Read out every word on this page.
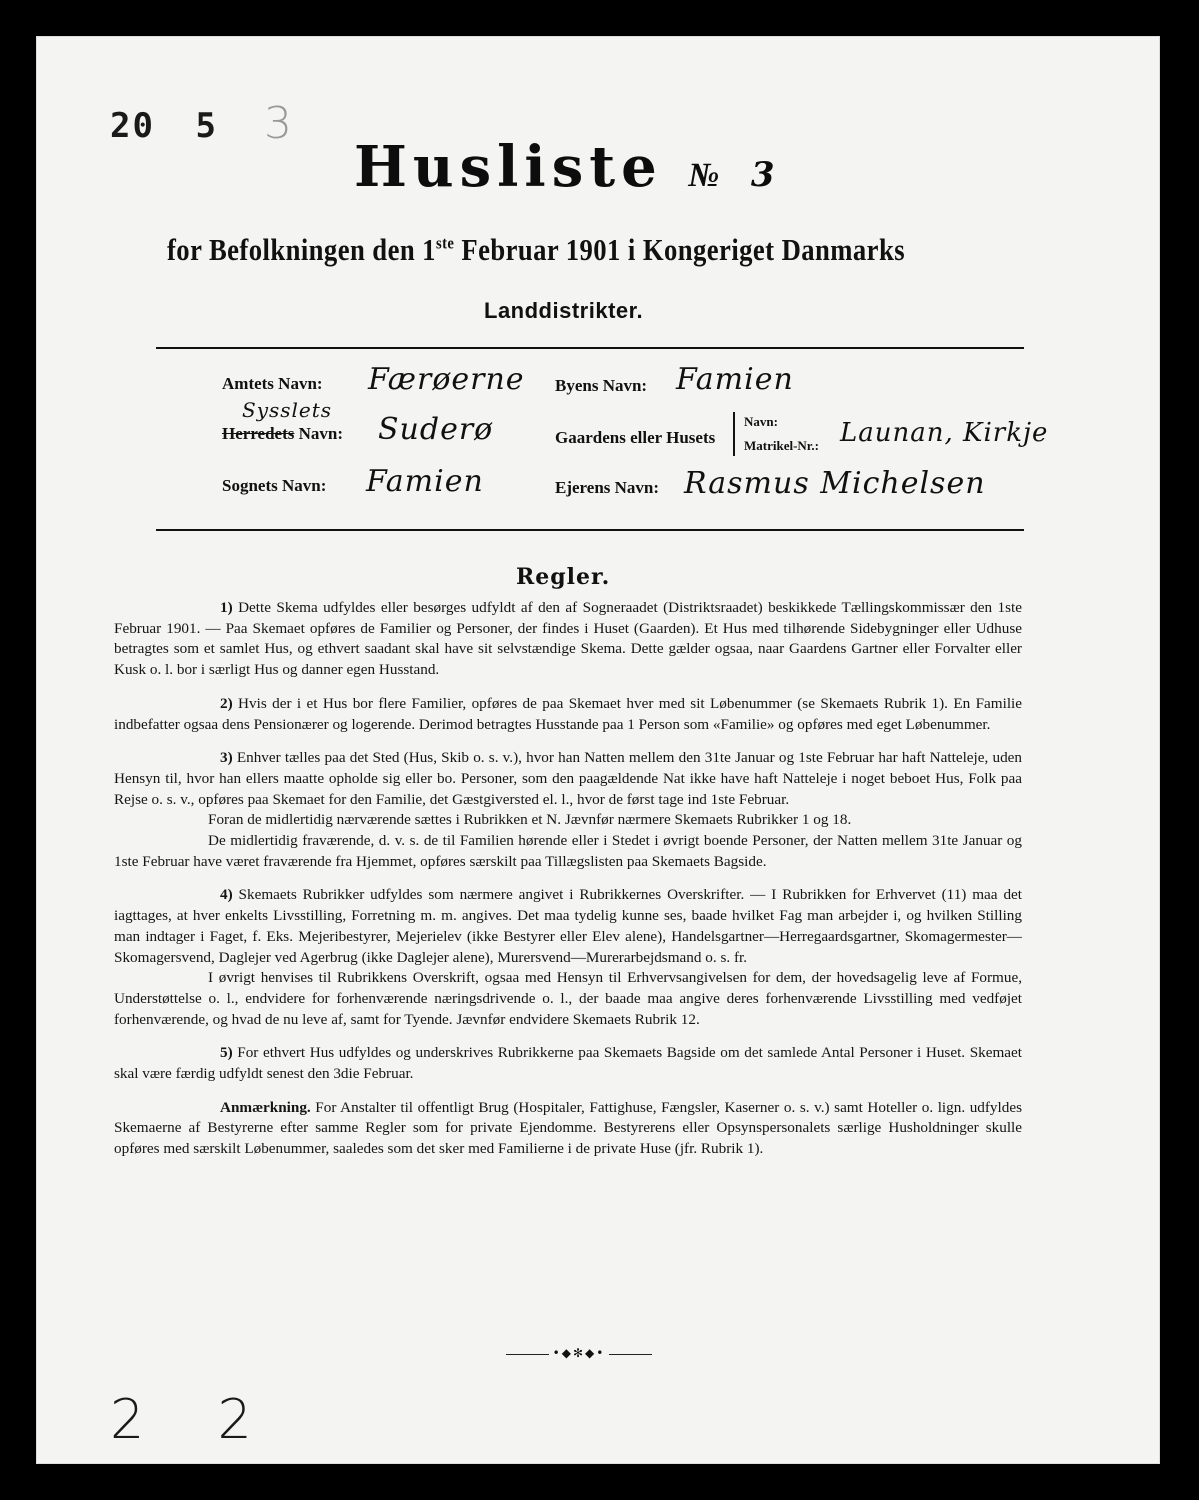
20 5 3
Husliste № 3
for Befolkningen den 1ste Februar 1901 i Kongeriget Danmarks
Landdistrikter.
Amtets Navn: Færøerne
Sysslets
Herredets Navn: Suderø
Sognets Navn: Famien
Byens Navn: Famien
Gaardens eller Husets
Navn:
Matrikel-Nr.: Launan, Kirkje
Ejerens Navn: Rasmus Michelsen
Regler.

1) Dette Skema udfyldes eller besørges udfyldt af den af Sogneraadet (Distriktsraadet) beskikkede Tællingskommissær den 1ste Februar 1901. — Paa Skemaet opføres de Familier og Personer, der findes i Huset (Gaarden). Et Hus med tilhørende Sidebygninger eller Udhuse betragtes som et samlet Hus, og ethvert saadant skal have sit selvstændige Skema. Dette gælder ogsaa, naar Gaardens Gartner eller Forvalter eller Kusk o. l. bor i særligt Hus og danner egen Husstand.

2) Hvis der i et Hus bor flere Familier, opføres de paa Skemaet hver med sit Løbenummer (se Skemaets Rubrik 1). En Familie indbefatter ogsaa dens Pensionærer og logerende. Derimod betragtes Husstande paa 1 Person som «Familie» og opføres med eget Løbenummer.

3) Enhver tælles paa det Sted (Hus, Skib o. s. v.), hvor han Natten mellem den 31te Januar og 1ste Februar har haft Natteleje, uden Hensyn til, hvor han ellers maatte opholde sig eller bo. Personer, som den paagældende Nat ikke have haft Natteleje i noget beboet Hus, Folk paa Rejse o. s. v., opføres paa Skemaet for den Familie, det Gæstgiversted el. l., hvor de først tage ind 1ste Februar.

Foran de midlertidig nærværende sættes i Rubrikken et N. Jævnfør nærmere Skemaets Rubrikker 1 og 18.

De midlertidig fraværende, d. v. s. de til Familien hørende eller i Stedet i øvrigt boende Personer, der Natten mellem 31te Januar og 1ste Februar have været fraværende fra Hjemmet, opføres særskilt paa Tillægslisten paa Skemaets Bagside.

4) Skemaets Rubrikker udfyldes som nærmere angivet i Rubrikkernes Overskrifter. — I Rubrikken for Erhvervet (11) maa det iagttages, at hver enkelts Livsstilling, Forretning m. m. angives. Det maa tydelig kunne ses, baade hvilket Fag man arbejder i, og hvilken Stilling man indtager i Faget, f. Eks. Mejeribestyrer, Mejerielev (ikke Bestyrer eller Elev alene), Handelsgartner—Herregaardsgartner, Skomagermester—Skomagersvend, Daglejer ved Agerbrug (ikke Daglejer alene), Murersvend—Murerarbejdsmand o. s. fr.

I øvrigt henvises til Rubrikkens Overskrift, ogsaa med Hensyn til Erhvervsangivelsen for dem, der hovedsagelig leve af Formue, Understøttelse o. l., endvidere for forhenværende næringsdrivende o. l., der baade maa angive deres forhenværende Livsstilling med vedføjet forhenværende, og hvad de nu leve af, samt for Tyende. Jævnfør endvidere Skemaets Rubrik 12.

5) For ethvert Hus udfyldes og underskrives Rubrikkerne paa Skemaets Bagside om det samlede Antal Personer i Huset. Skemaet skal være færdig udfyldt senest den 3die Februar.

Anmærkning. For Anstalter til offentligt Brug (Hospitaler, Fattighuse, Fængsler, Kaserner o. s. v.) samt Hoteller o. lign. udfyldes Skemaerne af Bestyrerne efter samme Regler som for private Ejendomme. Bestyrerens eller Opsynspersonalets særlige Husholdninger skulle opføres med særskilt Løbenummer, saaledes som det sker med Familierne i de private Huse (jfr. Rubrik 1).

•◆✻◆•
2 2
